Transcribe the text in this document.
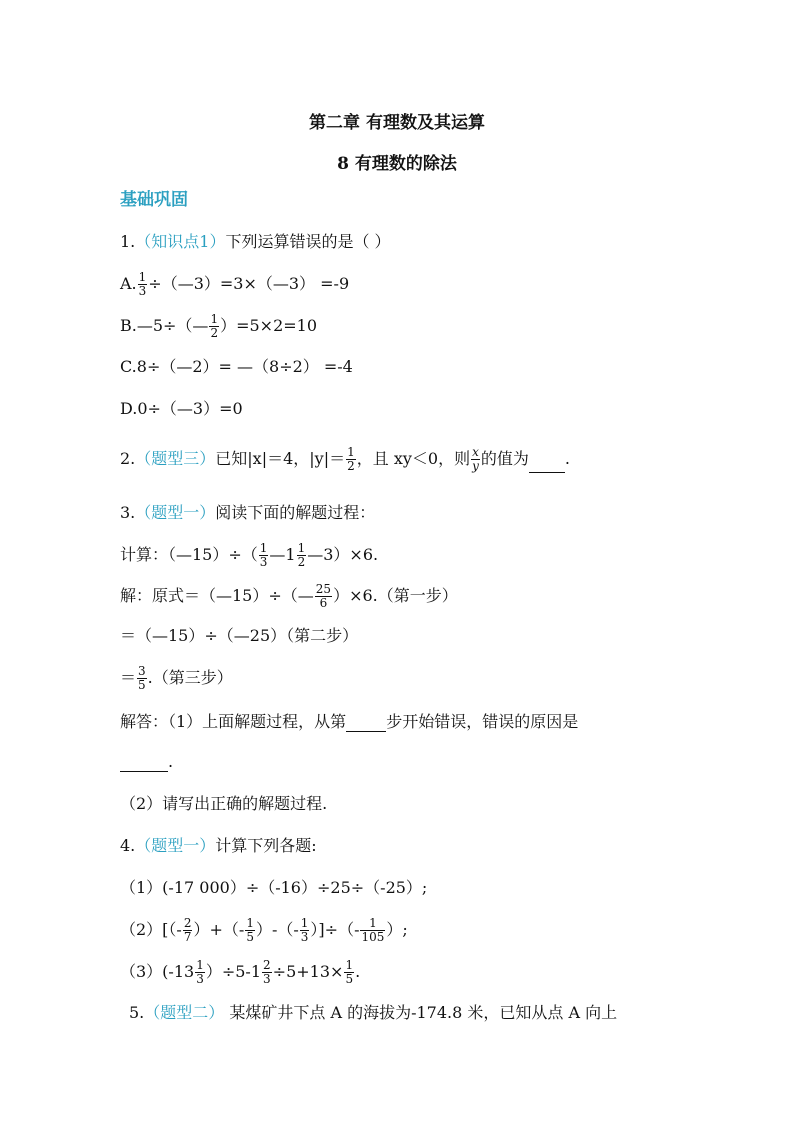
第二章 有理数及其运算
8 有理数的除法
基础巩固
1.（知识点1）下列运算错误的是（ ）
A. $\frac{1}{3}$ ÷（—3）=3×（—3） =-9
B.—5÷（— $\frac{1}{2} )=5\times 2=10$
C.8÷（—2）= —（8÷2） =-4
D.0÷（—3）=0
2.（题型三）已知|x|＝4，$|y|= \frac{1}{2}$ ，且 xy＜0，则 $\frac{x}{y}$ 的值为 .
3.（题型一）阅读下面的解题过程：
计算：（—15）÷（ $\frac{1}{3}$ —1 $\frac{1}{2}$ —3）×6.
解：原式＝（—15）÷（— $\frac{25}{6} )\times 6$.（第一步）
＝（—15）÷（—25）（第二步）
＝ $\frac{3}{5}$ .（第三步）
解答：（1）上面解题过程，从第	步开始错误，错误的原因是
.
（2）请写出正确的解题过程.
4.（题型一）计算下列各题:
（1）(-17 000）÷（-16）÷25÷（-25）;
$(2)[(- \frac{2}{7}$ ）+（- $\frac{1}{5}$ ）-（- $\frac{1}{3}$ ）]÷（- $\frac{1}{105}$ ）;
$(3)(-13 \frac{1}{3} )\div 5-1 \frac{2}{3} \div 5+13\times \frac{1}{5}$ .
5.（题型二） 某煤矿井下点 A 的海拔为-174.8 米，已知从点 A 向上
